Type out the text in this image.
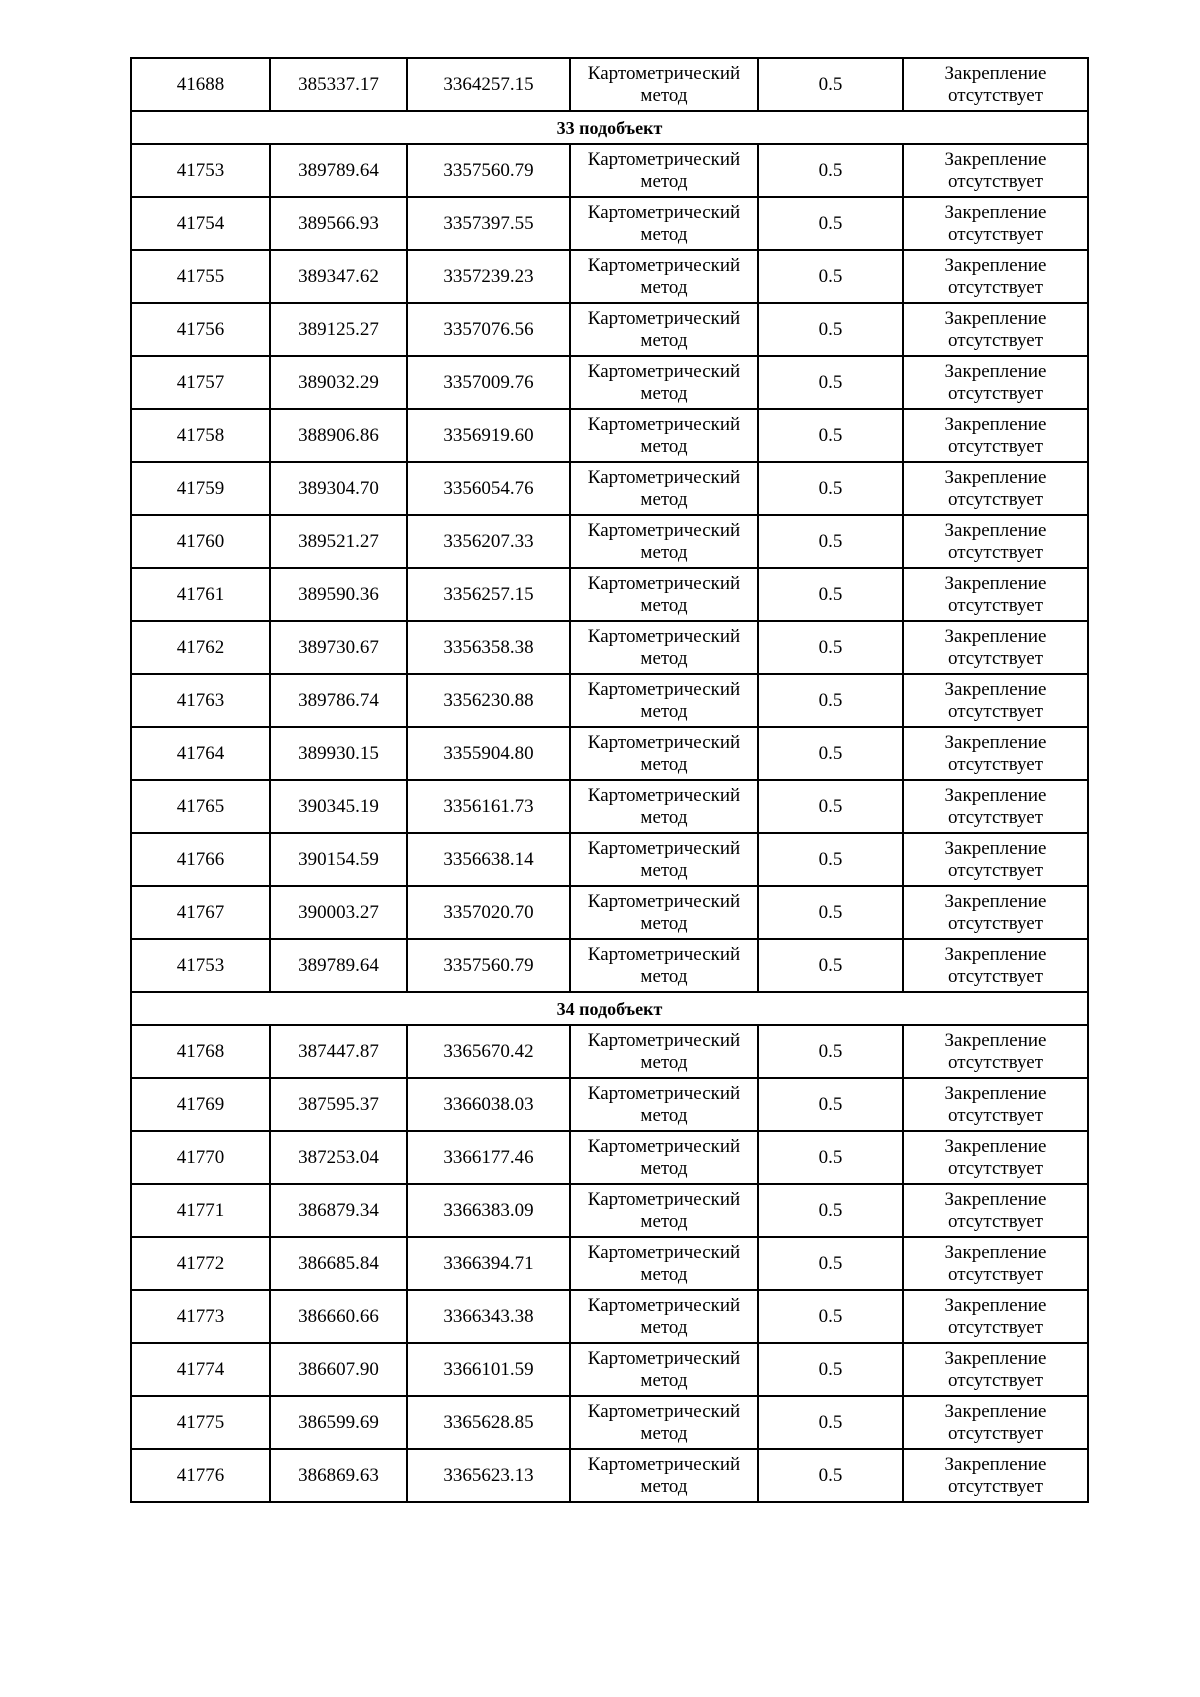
41688	385337.17	3364257.15	Картометрический метод	0.5	Закрепление отсутствует
33 подобъект					
41753	389789.64	3357560.79	Картометрический метод	0.5	Закрепление отсутствует
41754	389566.93	3357397.55	Картометрический метод	0.5	Закрепление отсутствует
41755	389347.62	3357239.23	Картометрический метод	0.5	Закрепление отсутствует
41756	389125.27	3357076.56	Картометрический метод	0.5	Закрепление отсутствует
41757	389032.29	3357009.76	Картометрический метод	0.5	Закрепление отсутствует
41758	388906.86	3356919.60	Картометрический метод	0.5	Закрепление отсутствует
41759	389304.70	3356054.76	Картометрический метод	0.5	Закрепление отсутствует
41760	389521.27	3356207.33	Картометрический метод	0.5	Закрепление отсутствует
41761	389590.36	3356257.15	Картометрический метод	0.5	Закрепление отсутствует
41762	389730.67	3356358.38	Картометрический метод	0.5	Закрепление отсутствует
41763	389786.74	3356230.88	Картометрический метод	0.5	Закрепление отсутствует
41764	389930.15	3355904.80	Картометрический метод	0.5	Закрепление отсутствует
41765	390345.19	3356161.73	Картометрический метод	0.5	Закрепление отсутствует
41766	390154.59	3356638.14	Картометрический метод	0.5	Закрепление отсутствует
41767	390003.27	3357020.70	Картометрический метод	0.5	Закрепление отсутствует
41753	389789.64	3357560.79	Картометрический метод	0.5	Закрепление отсутствует
34 подобъект					
41768	387447.87	3365670.42	Картометрический метод	0.5	Закрепление отсутствует
41769	387595.37	3366038.03	Картометрический метод	0.5	Закрепление отсутствует
41770	387253.04	3366177.46	Картометрический метод	0.5	Закрепление отсутствует
41771	386879.34	3366383.09	Картометрический метод	0.5	Закрепление отсутствует
41772	386685.84	3366394.71	Картометрический метод	0.5	Закрепление отсутствует
41773	386660.66	3366343.38	Картометрический метод	0.5	Закрепление отсутствует
41774	386607.90	3366101.59	Картометрический метод	0.5	Закрепление отсутствует
41775	386599.69	3365628.85	Картометрический метод	0.5	Закрепление отсутствует
41776	386869.63	3365623.13	Картометрический метод	0.5	Закрепление отсутствует
